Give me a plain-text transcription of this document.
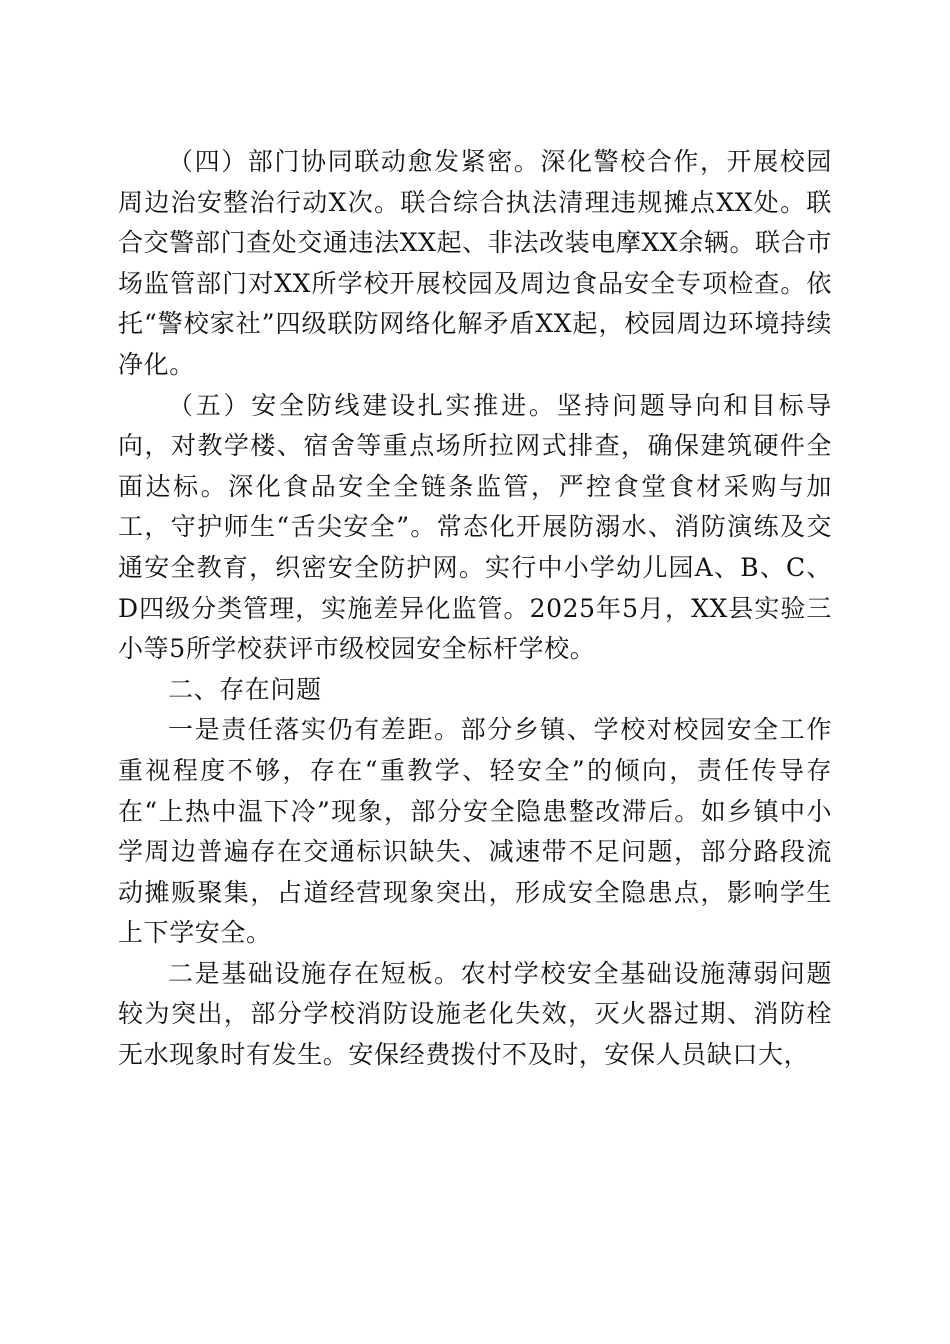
（四）部门协同联动愈发紧密。深化警校合作，开展校园周边治安整治行动X次。联合综合执法清理违规摊点XX处。联合交警部门查处交通违法XX起、非法改装电摩XX余辆。联合市场监管部门对XX所学校开展校园及周边食品安全专项检查。依托“警校家社”四级联防网络化解矛盾XX起，校园周边环境持续净化。

（五）安全防线建设扎实推进。坚持问题导向和目标导向，对教学楼、宿舍等重点场所拉网式排查，确保建筑硬件全面达标。深化食品安全全链条监管，严控食堂食材采购与加工，守护师生“舌尖安全”。常态化开展防溺水、消防演练及交通安全教育，织密安全防护网。实行中小学幼儿园A、B、C、D四级分类管理，实施差异化监管。2025年5月，XX县实验三小等5所学校获评市级校园安全标杆学校。

二、存在问题

一是责任落实仍有差距。部分乡镇、学校对校园安全工作重视程度不够，存在“重教学、轻安全”的倾向，责任传导存在“上热中温下冷”现象，部分安全隐患整改滞后。如乡镇中小学周边普遍存在交通标识缺失、减速带不足问题，部分路段流动摊贩聚集，占道经营现象突出，形成安全隐患点，影响学生上下学安全。

二是基础设施存在短板。农村学校安全基础设施薄弱问题较为突出，部分学校消防设施老化失效，灭火器过期、消防栓无水现象时有发生。安保经费拨付不及时，安保人员缺口大，
